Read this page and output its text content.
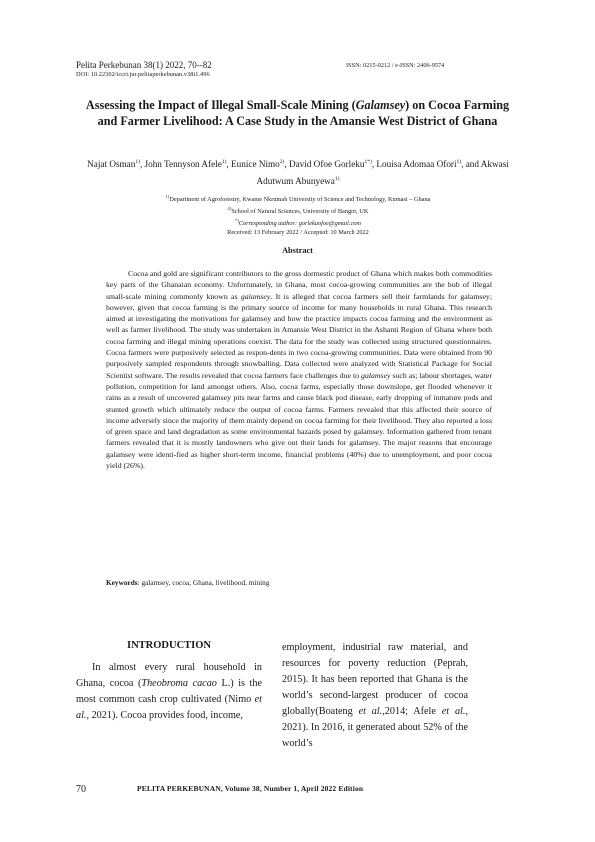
Pelita Perkebunan 38(1) 2022, 70--82
DOI: 10.22302/iccri.jur.pelitaperkebunan.v38i1.496
ISSN: 0215-0212 / e-ISSN: 2406-9574
Assessing the Impact of Illegal Small-Scale Mining (Galamsey) on Cocoa Farming and Farmer Livelihood: A Case Study in the Amansie West District of Ghana
Najat Osman$^{1)}$, John Tennyson Afele$^{1)}$, Eunice Nimo$^{2)}$, David Ofoe Gorleku$^{1*)}$, Louisa Adomaa Ofori$^{1)}$, and Akwasi Adutwum Abunyewa$^{1)}$
$^{1)}$Department of Agroforestry, Kwame Nkrumah University of Science and Technology, Kumasi – Ghana
$^{2)}$School of Natural Sciences, University of Bangor, UK
*)Corresponding author: gorlekuofoe@gmail.com
Received: 13 February 2022 / Accepted: 10 March 2022
Abstract
Cocoa and gold are significant contributors to the gross dormestic product of Ghana which makes both commodities key parts of the Ghanaian economy. Unfortunately, in Ghana, most cocoa-growing communities are the hub of illegal small-scale mining commonly known as galamsey. It is alleged that cocoa farmers sell their farmlands for galamsey; however, given that cocoa farming is the primary source of income for many households in rural Ghana. This research aimed at investigating the motivations for galamsey and how the practice impacts cocoa farming and the environment as well as farmer livelihood. The study was undertaken in Amansie West District in the Ashanti Region of Ghana where both cocoa farming and illegal mining operations coexist. The data for the study was collected using structured questionnaires. Cocoa farmers were purposively selected as respon-dents in two cocoa-growing communities. Data were obtained from 90 purposively sampled respondents through snowballing. Data collected were analyzed with Statistical Package for Social Scientist software. The results revealed that cocoa farmers face challenges due to galamsey such as; labour shortages, water pollution, competition for land amongst others. Also, cocoa farms, especially those downslope, get flooded whenever it rains as a result of uncovered galamsey pits near farms and cause black pod disease, early dropping of inmature pods and stunted growth which ultimately reduce the output of cocoa farms. Farmers revealed that this affected their source of income adversely since the majority of them mainly depend on cocoa farming for their livelihood. They also reported a loss of green space and land degradation as some environmental hazards posed by galamsey. Information gathered from tenant farmers revealed that it is mostly landowners who give out their lands for galamsey. The major reasons that encourage galamsey were identi-fied as higher short-term income, financial problems (40%) due to unemployment, and poor cocoa yield (26%).
Keywords: galamsey, cocoa, Ghana, livelihood, mining
INTRODUCTION
In almost every rural household in Ghana, cocoa (Theobroma cacao L.) is the most common cash crop cultivated (Nimo et al., 2021). Cocoa provides food, income,
employment, industrial raw material, and resources for poverty reduction (Peprah, 2015). It has been reported that Ghana is the world’s second-largest producer of cocoa globally(Boateng et al.,2014; Afele et al., 2021). In 2016, it generated about 52% of the world’s
70	PELITA PERKEBUNAN, Volume 38, Number 1, April 2022 Edition
